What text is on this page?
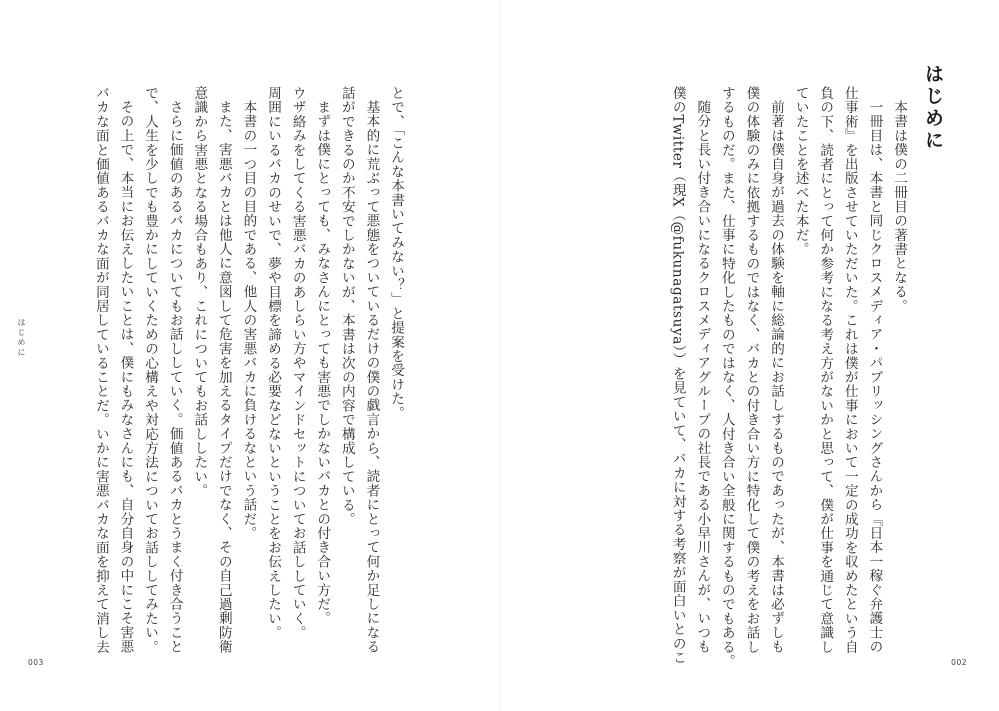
はじめに
本書は僕の二冊目の著書となる。
一冊目は、本書と同じクロスメディア・パブリッシングさんから『日本一稼ぐ弁護士の
仕事術』を出版させていただいた。これは僕が仕事において一定の成功を収めたという自
負の下、読者にとって何か参考になる考え方がないかと思って、僕が仕事を通じて意識し
ていたことを述べた本だ。
前著は僕自身が過去の体験を軸に総論的にお話しするものであったが、本書は必ずしも
僕の体験のみに依拠するものではなく、バカとの付き合い方に特化して僕の考えをお話し
するものだ。また、仕事に特化したものではなく、人付き合い全般に関するものでもある。
随分と長い付き合いになるクロスメディアグループの社長である小早川さんが、いつも
僕のTwitter（現X（@fukunagatsuya））を見ていて、バカに対する考察が面白いとのこ	002
とで、「こんな本書いてみない？」と提案を受けた。
基本的に荒ぶって悪態をついているだけの僕の戯言から、読者にとって何か足しになる
話ができるのか不安でしかないが、本書は次の内容で構成している。
まずは僕にとっても、みなさんにとっても害悪でしかないバカとの付き合い方だ。
ウザ絡みをしてくる害悪バカのあしらい方やマインドセットについてお話ししていく。
周囲にいるバカのせいで、夢や目標を諦める必要などないということをお伝えしたい。
本書の一つ目の目的である、他人の害悪バカに負けるなという話だ。
また、害悪バカとは他人に意図して危害を加えるタイプだけでなく、その自己過剰防衛
意識から害悪となる場合もあり、これについてもお話ししたい。
さらに価値のあるバカについてもお話ししていく。価値あるバカとうまく付き合うこと
で、人生を少しでも豊かにしていくための心構えや対応方法についてお話ししてみたい。
その上で、本当にお伝えしたいことは、僕にもみなさんにも、自分自身の中にこそ害悪
バカな面と価値あるバカな面が同居していることだ。いかに害悪バカな面を抑えて消し去
はじめに
003
